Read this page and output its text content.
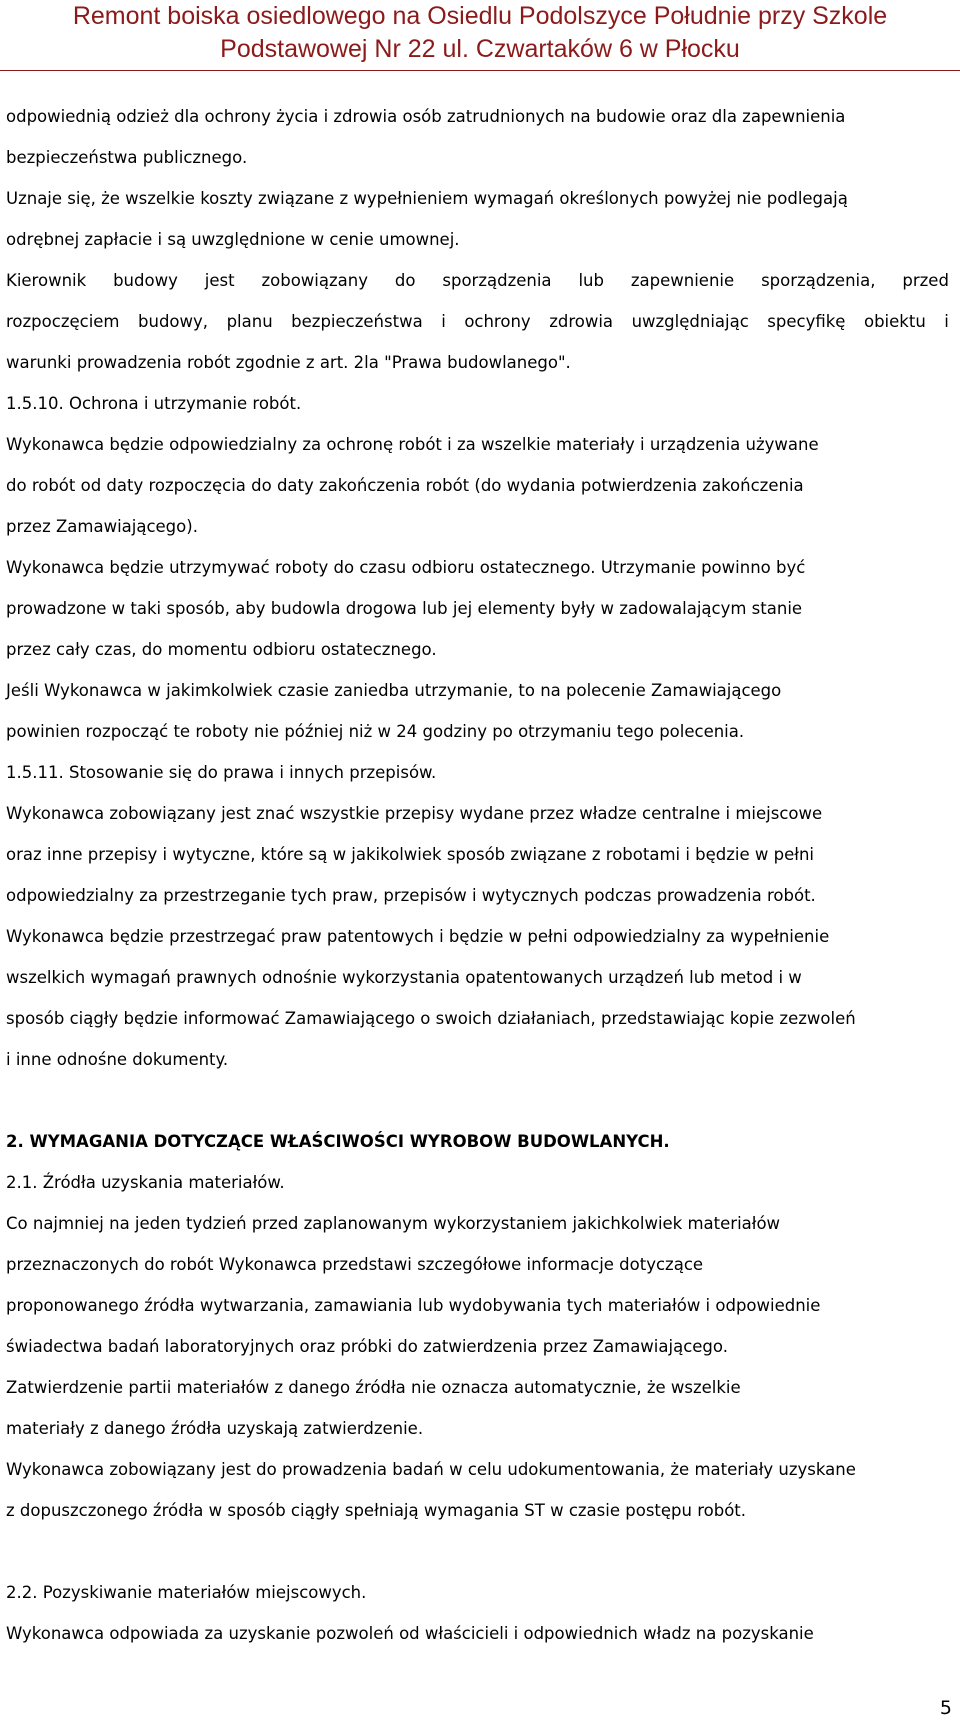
Remont boiska osiedlowego na Osiedlu Podolszyce Południe przy Szkole
Podstawowej Nr 22 ul. Czwartaków 6 w Płocku
odpowiednią odzież dla ochrony życia i zdrowia osób zatrudnionych na budowie oraz dla zapewnienia
bezpieczeństwa publicznego.
Uznaje się, że wszelkie koszty związane z wypełnieniem wymagań określonych powyżej nie podlegają
odrębnej zapłacie i są uwzględnione w cenie umownej.
Kierownik budowy jest zobowiązany do sporządzenia lub zapewnienie sporządzenia, przed
rozpoczęciem budowy, planu bezpieczeństwa i ochrony zdrowia uwzględniając specyfikę obiektu i
warunki prowadzenia robót zgodnie z art. 2la "Prawa budowlanego".
1.5.10. Ochrona i utrzymanie robót.
Wykonawca będzie odpowiedzialny za ochronę robót i za wszelkie materiały i urządzenia używane
do robót od daty rozpoczęcia do daty zakończenia robót (do wydania potwierdzenia zakończenia
przez Zamawiającego).
Wykonawca będzie utrzymywać roboty do czasu odbioru ostatecznego. Utrzymanie powinno być
prowadzone w taki sposób, aby budowla drogowa lub jej elementy były w zadowalającym stanie
przez cały czas, do momentu odbioru ostatecznego.
Jeśli Wykonawca w jakimkolwiek czasie zaniedba utrzymanie, to na polecenie Zamawiającego
powinien rozpocząć te roboty nie później niż w 24 godziny po otrzymaniu tego polecenia.
1.5.11. Stosowanie się do prawa i innych przepisów.
Wykonawca zobowiązany jest znać wszystkie przepisy wydane przez władze centralne i miejscowe
oraz inne przepisy i wytyczne, które są w jakikolwiek sposób związane z robotami i będzie w pełni
odpowiedzialny za przestrzeganie tych praw, przepisów i wytycznych podczas prowadzenia robót.
Wykonawca będzie przestrzegać praw patentowych i będzie w pełni odpowiedzialny za wypełnienie
wszelkich wymagań prawnych odnośnie wykorzystania opatentowanych urządzeń lub metod i w
sposób ciągły będzie informować Zamawiającego o swoich działaniach, przedstawiając kopie zezwoleń
i inne odnośne dokumenty.
2. WYMAGANIA DOTYCZĄCE WŁAŚCIWOŚCI WYROBOW BUDOWLANYCH.
2.1. Źródła uzyskania materiałów.
Co najmniej na jeden tydzień przed zaplanowanym wykorzystaniem jakichkolwiek materiałów
przeznaczonych do robót Wykonawca przedstawi szczegółowe informacje dotyczące
proponowanego źródła wytwarzania, zamawiania lub wydobywania tych materiałów i odpowiednie
świadectwa badań laboratoryjnych oraz próbki do zatwierdzenia przez Zamawiającego.
Zatwierdzenie partii materiałów z danego źródła nie oznacza automatycznie, że wszelkie
materiały z danego źródła uzyskają zatwierdzenie.
Wykonawca zobowiązany jest do prowadzenia badań w celu udokumentowania, że materiały uzyskane
z dopuszczonego źródła w sposób ciągły spełniają wymagania ST w czasie postępu robót.
2.2. Pozyskiwanie materiałów miejscowych.
Wykonawca odpowiada za uzyskanie pozwoleń od właścicieli i odpowiednich władz na pozyskanie
5
